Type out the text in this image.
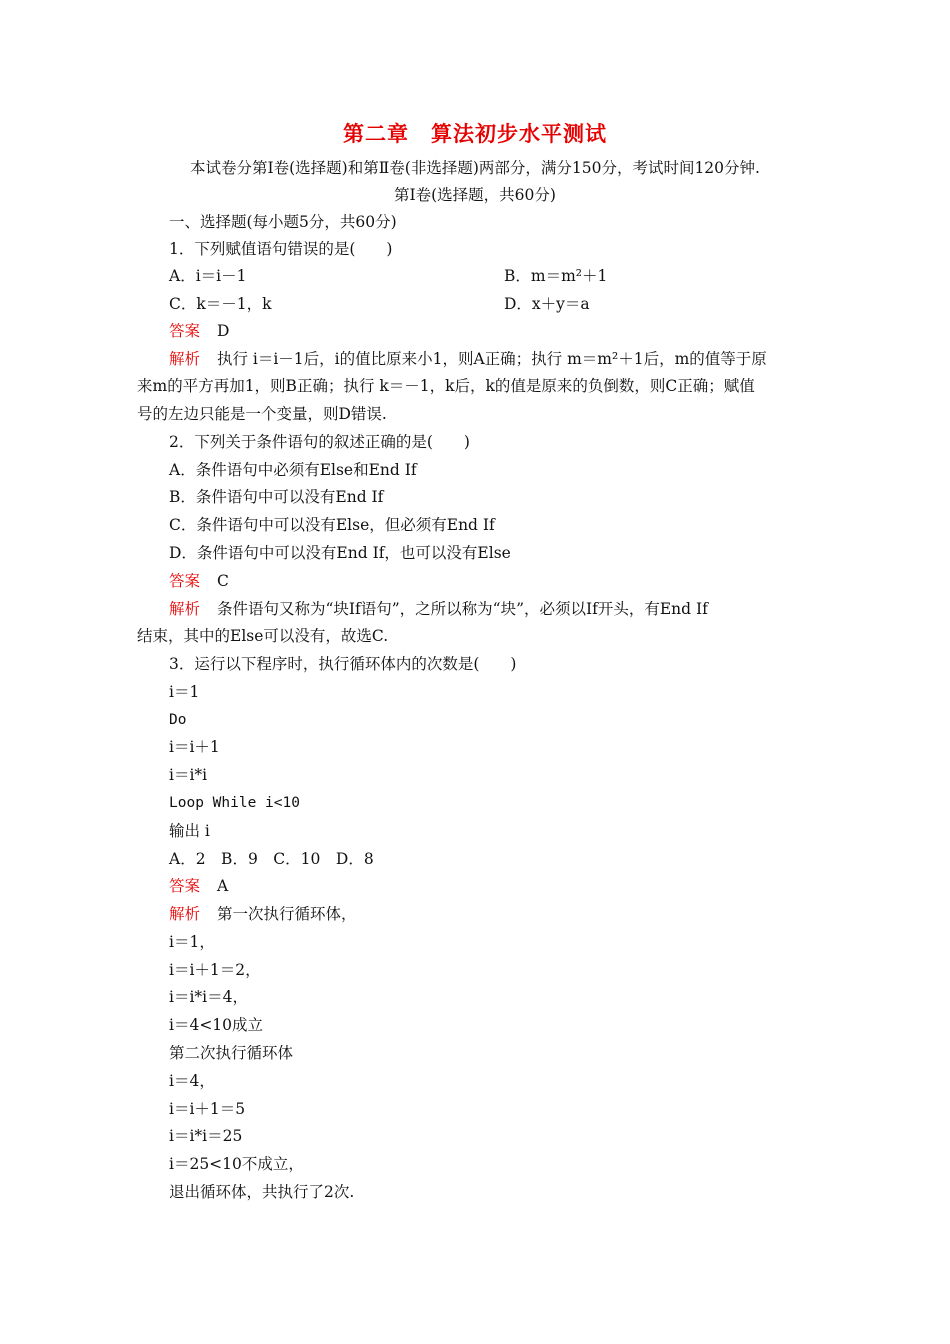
第二章　算法初步水平测试
本试卷分第Ⅰ卷(选择题)和第Ⅱ卷(非选择题)两部分，满分150分，考试时间120分钟.
第Ⅰ卷(选择题，共60分)
一、选择题(每小题5分，共60分)
1．下列赋值语句错误的是(　　)
A．i＝i－1	B．m＝m²＋1
C．k＝－1，k	D．x＋y＝a
答案 D
解析 执行 i＝i－1后，i的值比原来小1，则A正确；执行 m＝m²＋1后，m的值等于原
来m的平方再加1，则B正确；执行 k＝－1，k后，k的值是原来的负倒数，则C正确；赋值
号的左边只能是一个变量，则D错误.
2．下列关于条件语句的叙述正确的是(　　)
A．条件语句中必须有Else和End If
B．条件语句中可以没有End If
C．条件语句中可以没有Else，但必须有End If
D．条件语句中可以没有End If，也可以没有Else
答案 C
解析 条件语句又称为“块If语句”，之所以称为“块”，必须以If开头，有End If
结束，其中的Else可以没有，故选C.
3．运行以下程序时，执行循环体内的次数是(　　)
i＝1
Do
i＝i＋1
i＝i*i
Loop While i<10
输出 i
A．2　B．9　C．10　D．8
答案 A
解析 第一次执行循环体，
i＝1，
i＝i＋1＝2，
i＝i*i＝4，
i＝4<10成立
第二次执行循环体
i＝4，
i＝i＋1＝5
i＝i*i＝25
i＝25<10不成立，
退出循环体，共执行了2次.
